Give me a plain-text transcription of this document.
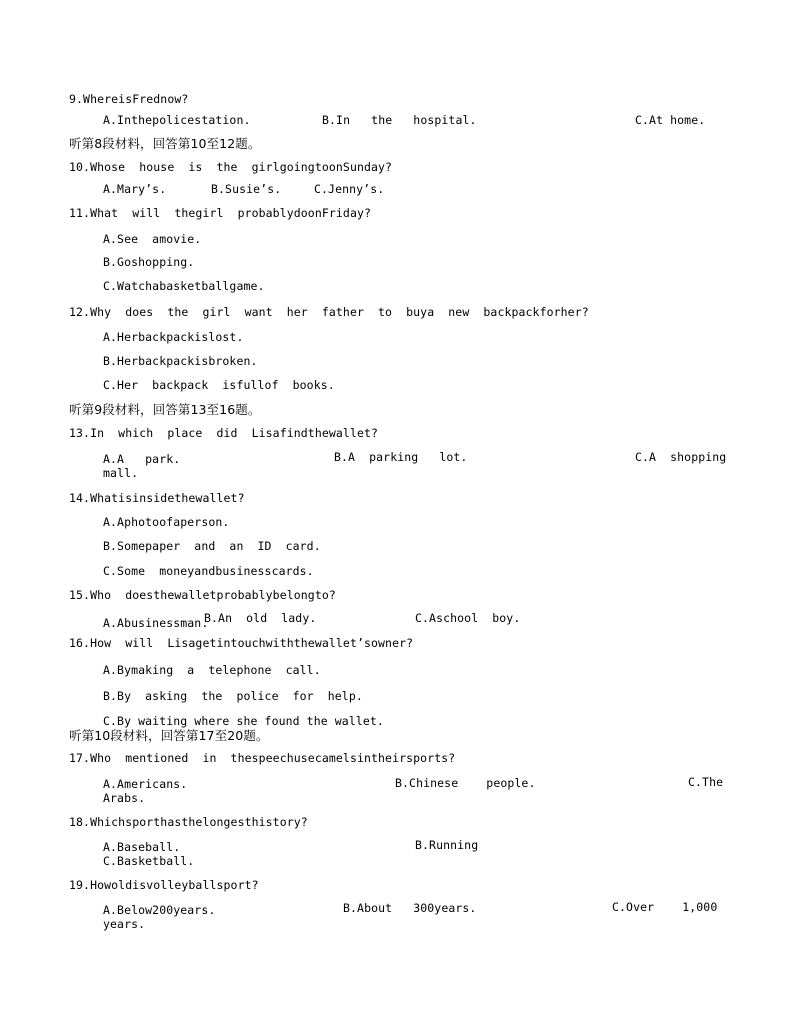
9.WhereisFrednow?
A.Inthepolicestation.	B.In   the   hospital.	C.At home.
听第8段材料，回答第10至12题。
10.Whose  house  is  the  girlgoingtoonSunday?
A.Mary’s.	B.Susie’s.	C.Jenny’s.
11.What  will  thegirl  probablydoonFriday?
A.See  amovie.
B.Goshopping.
C.Watchabasketballgame.
12.Why  does  the  girl  want  her  father  to  buya  new  backpackforher?
A.Herbackpackislost.
B.Herbackpackisbroken.
C.Her  backpack  isfullof  books.
听第9段材料，回答第13至16题。
13.In  which  place  did  Lisafindthewallet?
A.A   park.	B.A  parking   lot.	C.A  shopping
mall.
14.Whatisinsidethewallet?
A.Aphotoofaperson.
B.Somepaper  and  an  ID  card.
C.Some  moneyandbusinesscards.
15.Who  doesthewalletprobablybelongto?
A.Abusinessman.
B.An  old  lady.	C.Aschool  boy.
16.How  will  Lisagetintouchwiththewallet’sowner?
A.Bymaking  a  telephone  call.
B.By  asking  the  police  for  help.
C.By waiting where she found the wallet.
听第10段材料，回答第17至20题。
17.Who  mentioned  in  thespeechusecamelsintheirsports?
A.Americans.	B.Chinese    people.	C.The
Arabs.
18.Whichsporthasthelongesthistory?
A.Baseball.	B.Running
C.Basketball.
19.Howoldisvolleyballsport?
A.Below200years.	B.About   300years.	C.Over    1,000
years.
